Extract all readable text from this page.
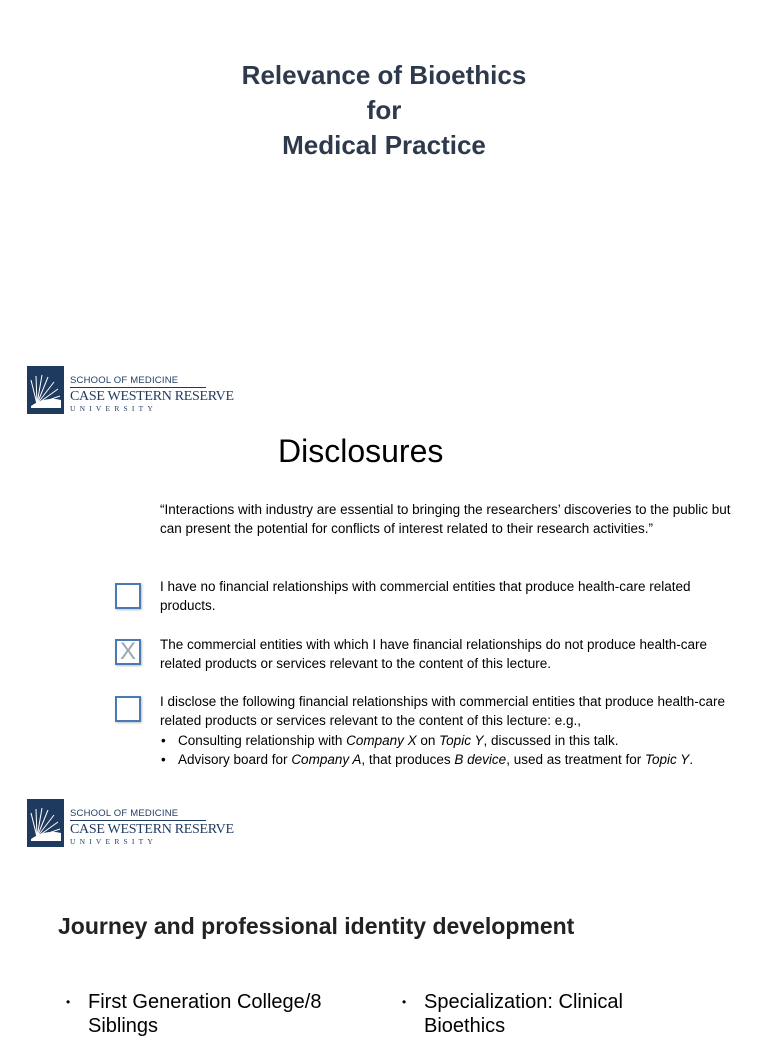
Relevance of Bioethics
for
Medical Practice
SCHOOL OF MEDICINE
CASE WESTERN RESERVE
UNIVERSITY
Disclosures
“Interactions with industry are essential to bringing the researchers’ discoveries to the public but can present the potential for conflicts of interest related to their research activities.”
I have no financial relationships with commercial entities that produce health-care related products.
X The commercial entities with which I have financial relationships do not produce health-care related products or services relevant to the content of this lecture.
I disclose the following financial relationships with commercial entities that produce health-care related products or services relevant to the content of this lecture: e.g.,
• Consulting relationship with Company X on Topic Y, discussed in this talk.
• Advisory board for Company A, that produces B device, used as treatment for Topic Y.
SCHOOL OF MEDICINE
CASE WESTERN RESERVE
UNIVERSITY
Journey and professional identity development
• First Generation College/8 Siblings
• Specialization: Clinical Bioethics
